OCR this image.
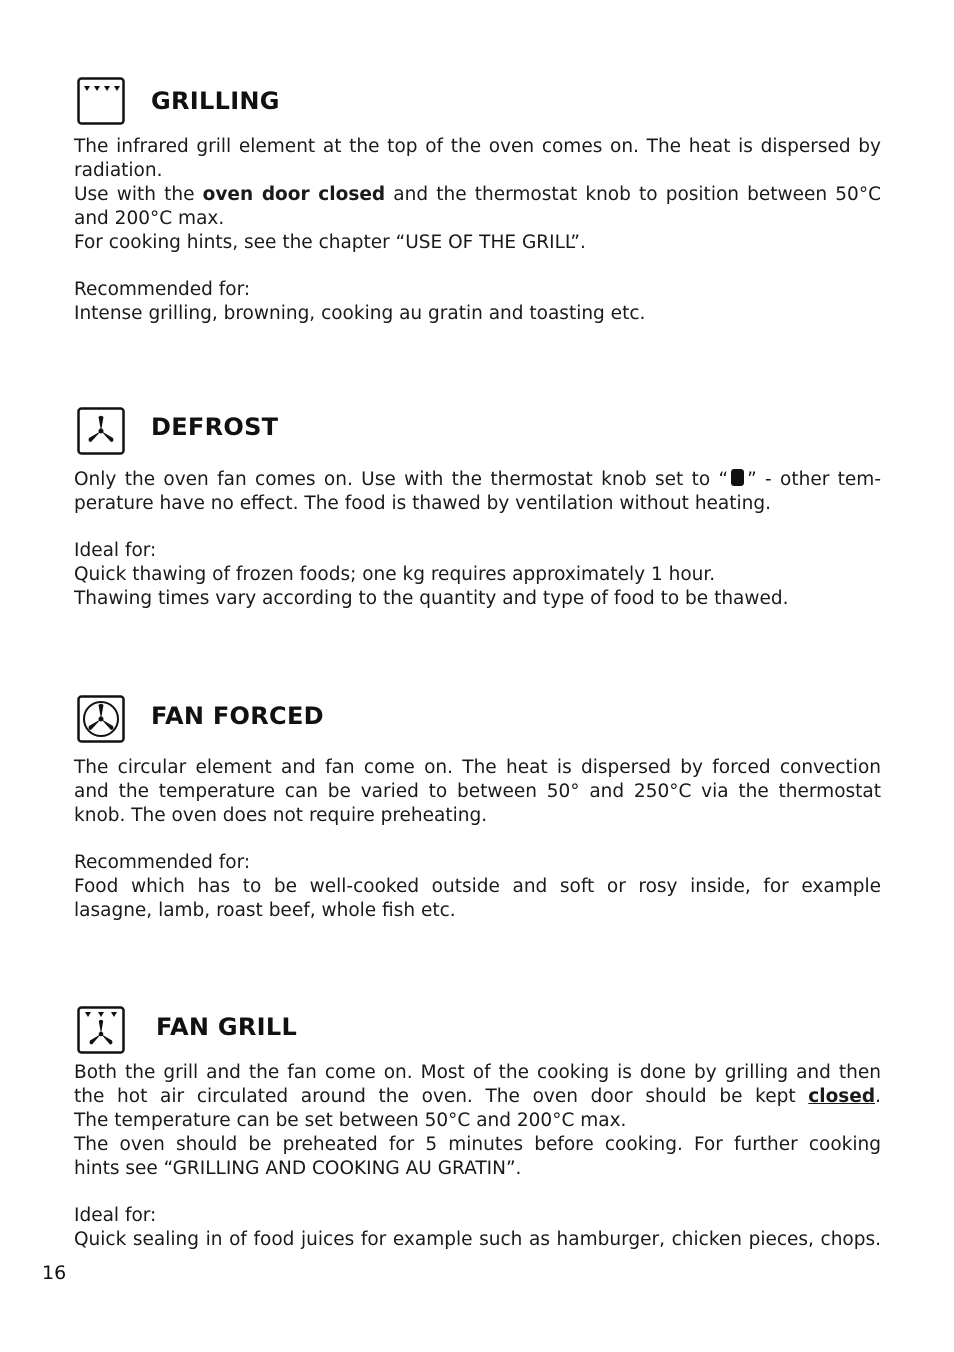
GRILLING

The infrared grill element at the top of the oven comes on. The heat is dispersed by

radiation.

Use with the oven door closed and the thermostat knob to position between 50°C

and 200°C max.

For cooking hints, see the chapter “USE OF THE GRILL”.

Recommended for:

Intense grilling, browning, cooking au gratin and toasting etc.

DEFROST

Only the oven fan comes on. Use with the thermostat knob set to “ ” - other tem-

perature have no effect. The food is thawed by ventilation without heating.

Ideal for:

Quick thawing of frozen foods; one kg requires approximately 1 hour.

Thawing times vary according to the quantity and type of food to be thawed.

FAN FORCED

The circular element and fan come on. The heat is dispersed by forced convection

and the temperature can be varied to between 50° and 250°C via the thermostat

knob. The oven does not require preheating.

Recommended for:

Food which has to be well-cooked outside and soft or rosy inside, for example

lasagne, lamb, roast beef, whole fish etc.

FAN GRILL

Both the grill and the fan come on. Most of the cooking is done by grilling and then

the hot air circulated around the oven. The oven door should be kept closed.

The temperature can be set between 50°C and 200°C max.

The oven should be preheated for 5 minutes before cooking. For further cooking

hints see “GRILLING AND COOKING AU GRATIN”.

Ideal for:

Quick sealing in of food juices for example such as hamburger, chicken pieces, chops.

16
